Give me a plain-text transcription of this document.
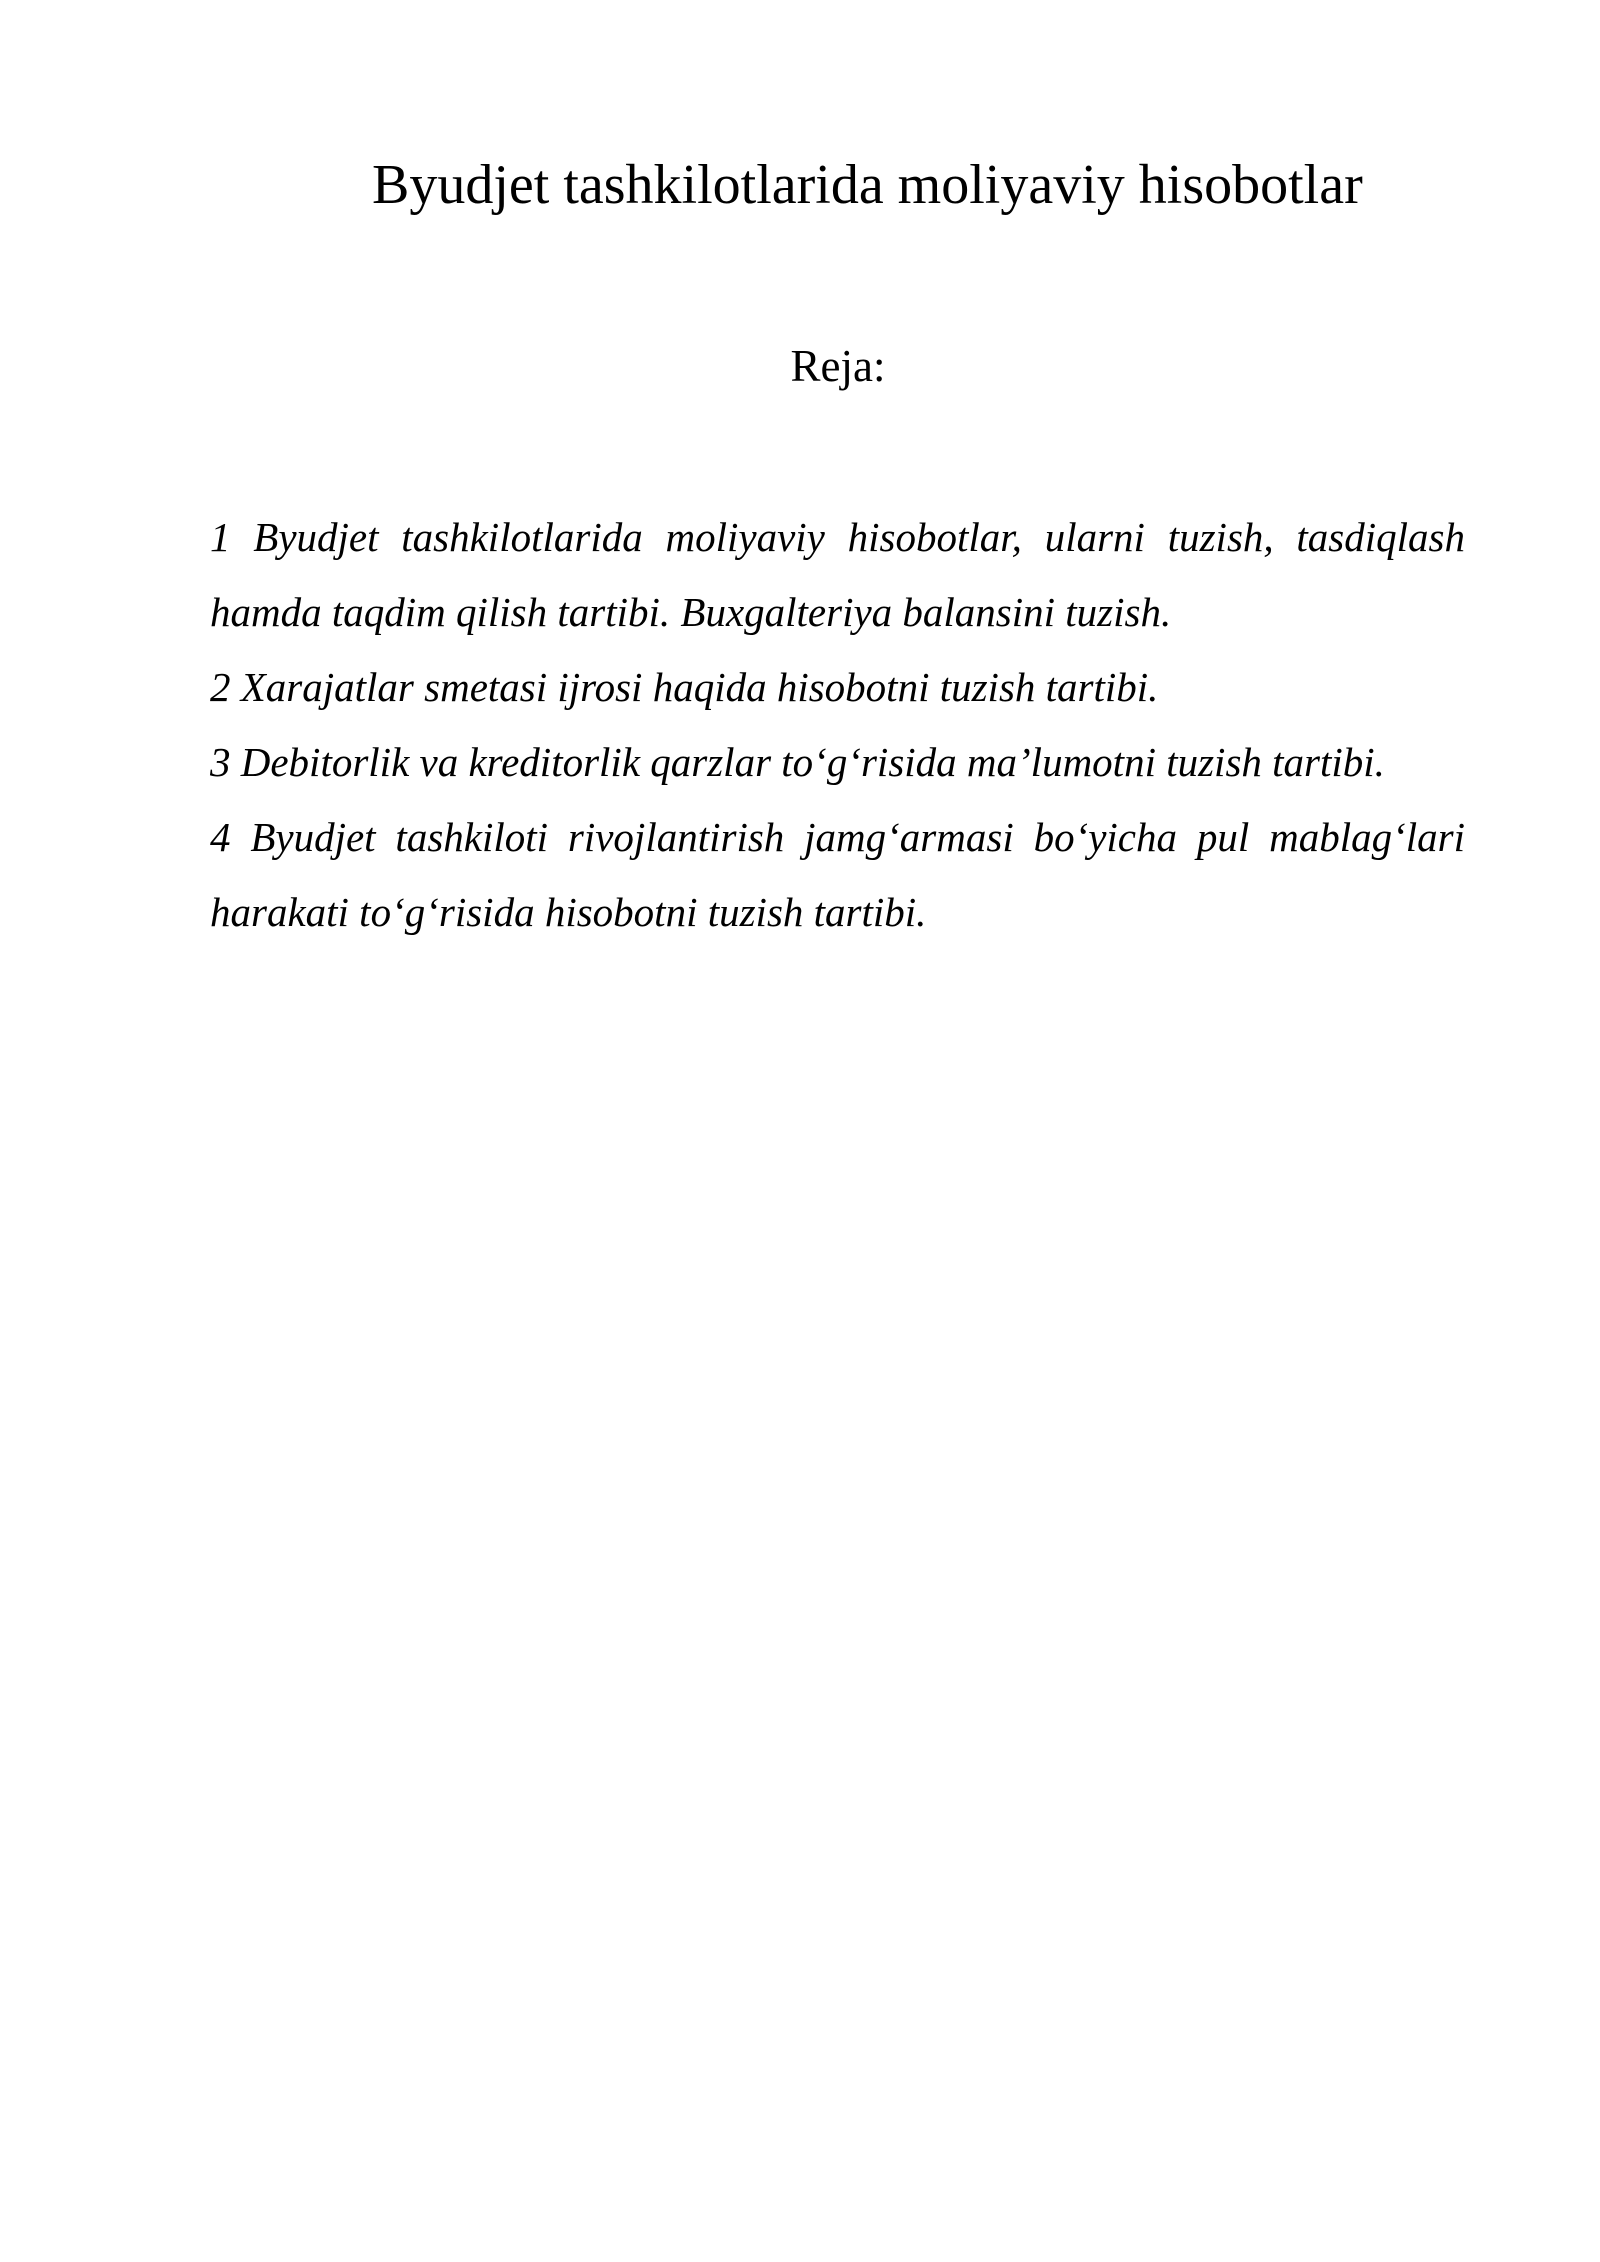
Byudjet tashkilotlarida moliyaviy hisobotlar
Reja:
1 Byudjet tashkilotlarida moliyaviy hisobotlar, ularni tuzish, tasdiqlash hamda taqdim qilish tartibi. Buxgalteriya balansini tuzish.
2 Xarajatlar smetasi ijrosi haqida hisobotni tuzish tartibi.
3 Debitorlik va kreditorlik qarzlar to‘g‘risida ma’lumotni tuzish tartibi.
4 Byudjet tashkiloti rivojlantirish jamg‘armasi bo‘yicha pul mablag‘lari harakati to‘g‘risida hisobotni tuzish tartibi.
